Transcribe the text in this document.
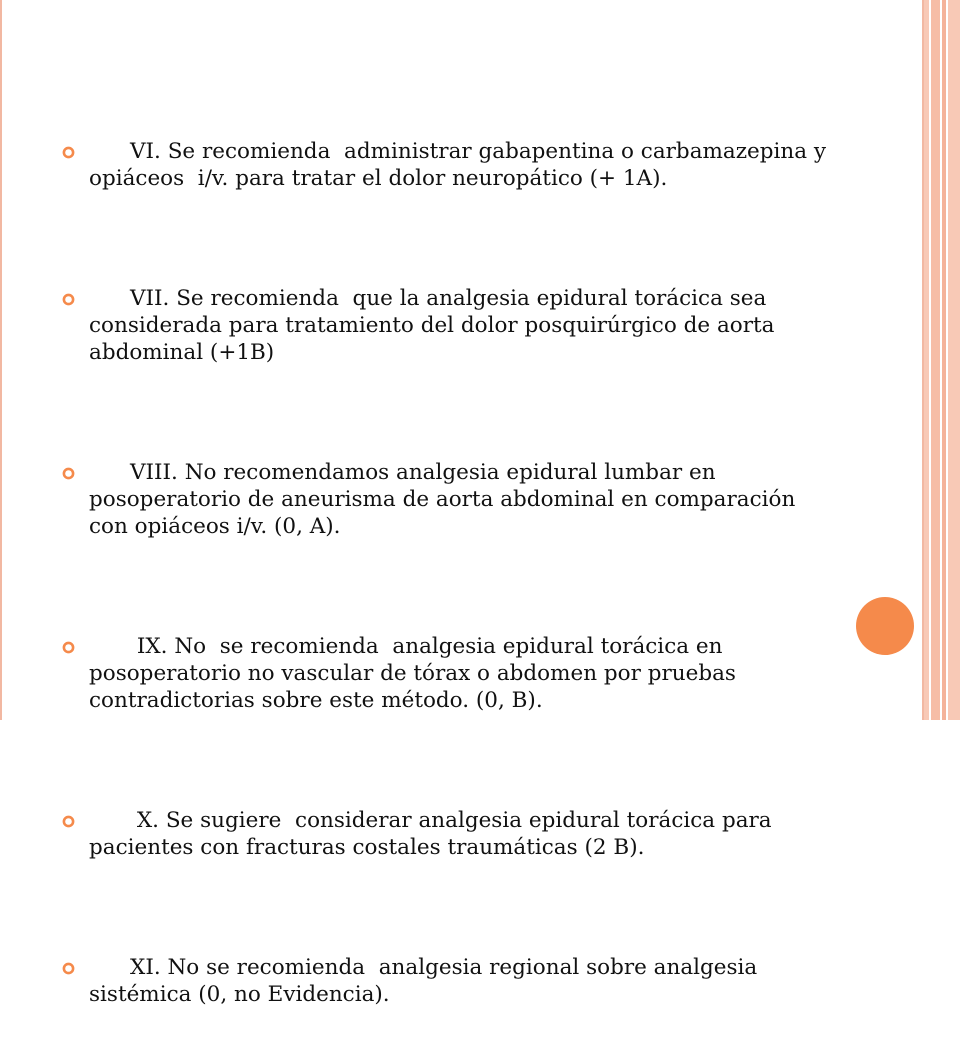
VI. Se recomienda  administrar gabapentina o carbamazepina y opiáceos  i/v. para tratar el dolor neuropático (+ 1A).

VII. Se recomienda  que la analgesia epidural torácica sea considerada para tratamiento del dolor posquirúrgico de aorta abdominal (+1B)

VIII. No recomendamos analgesia epidural lumbar en posoperatorio de aneurisma de aorta abdominal en comparación con opiáceos i/v. (0, A).

IX. No  se recomienda  analgesia epidural torácica en posoperatorio no vascular de tórax o abdomen por pruebas contradictorias sobre este método. (0, B).

X. Se sugiere  considerar analgesia epidural torácica para pacientes con fracturas costales traumáticas (2 B).

XI. No se recomienda  analgesia regional sobre analgesia sistémica (0, no Evidencia).
